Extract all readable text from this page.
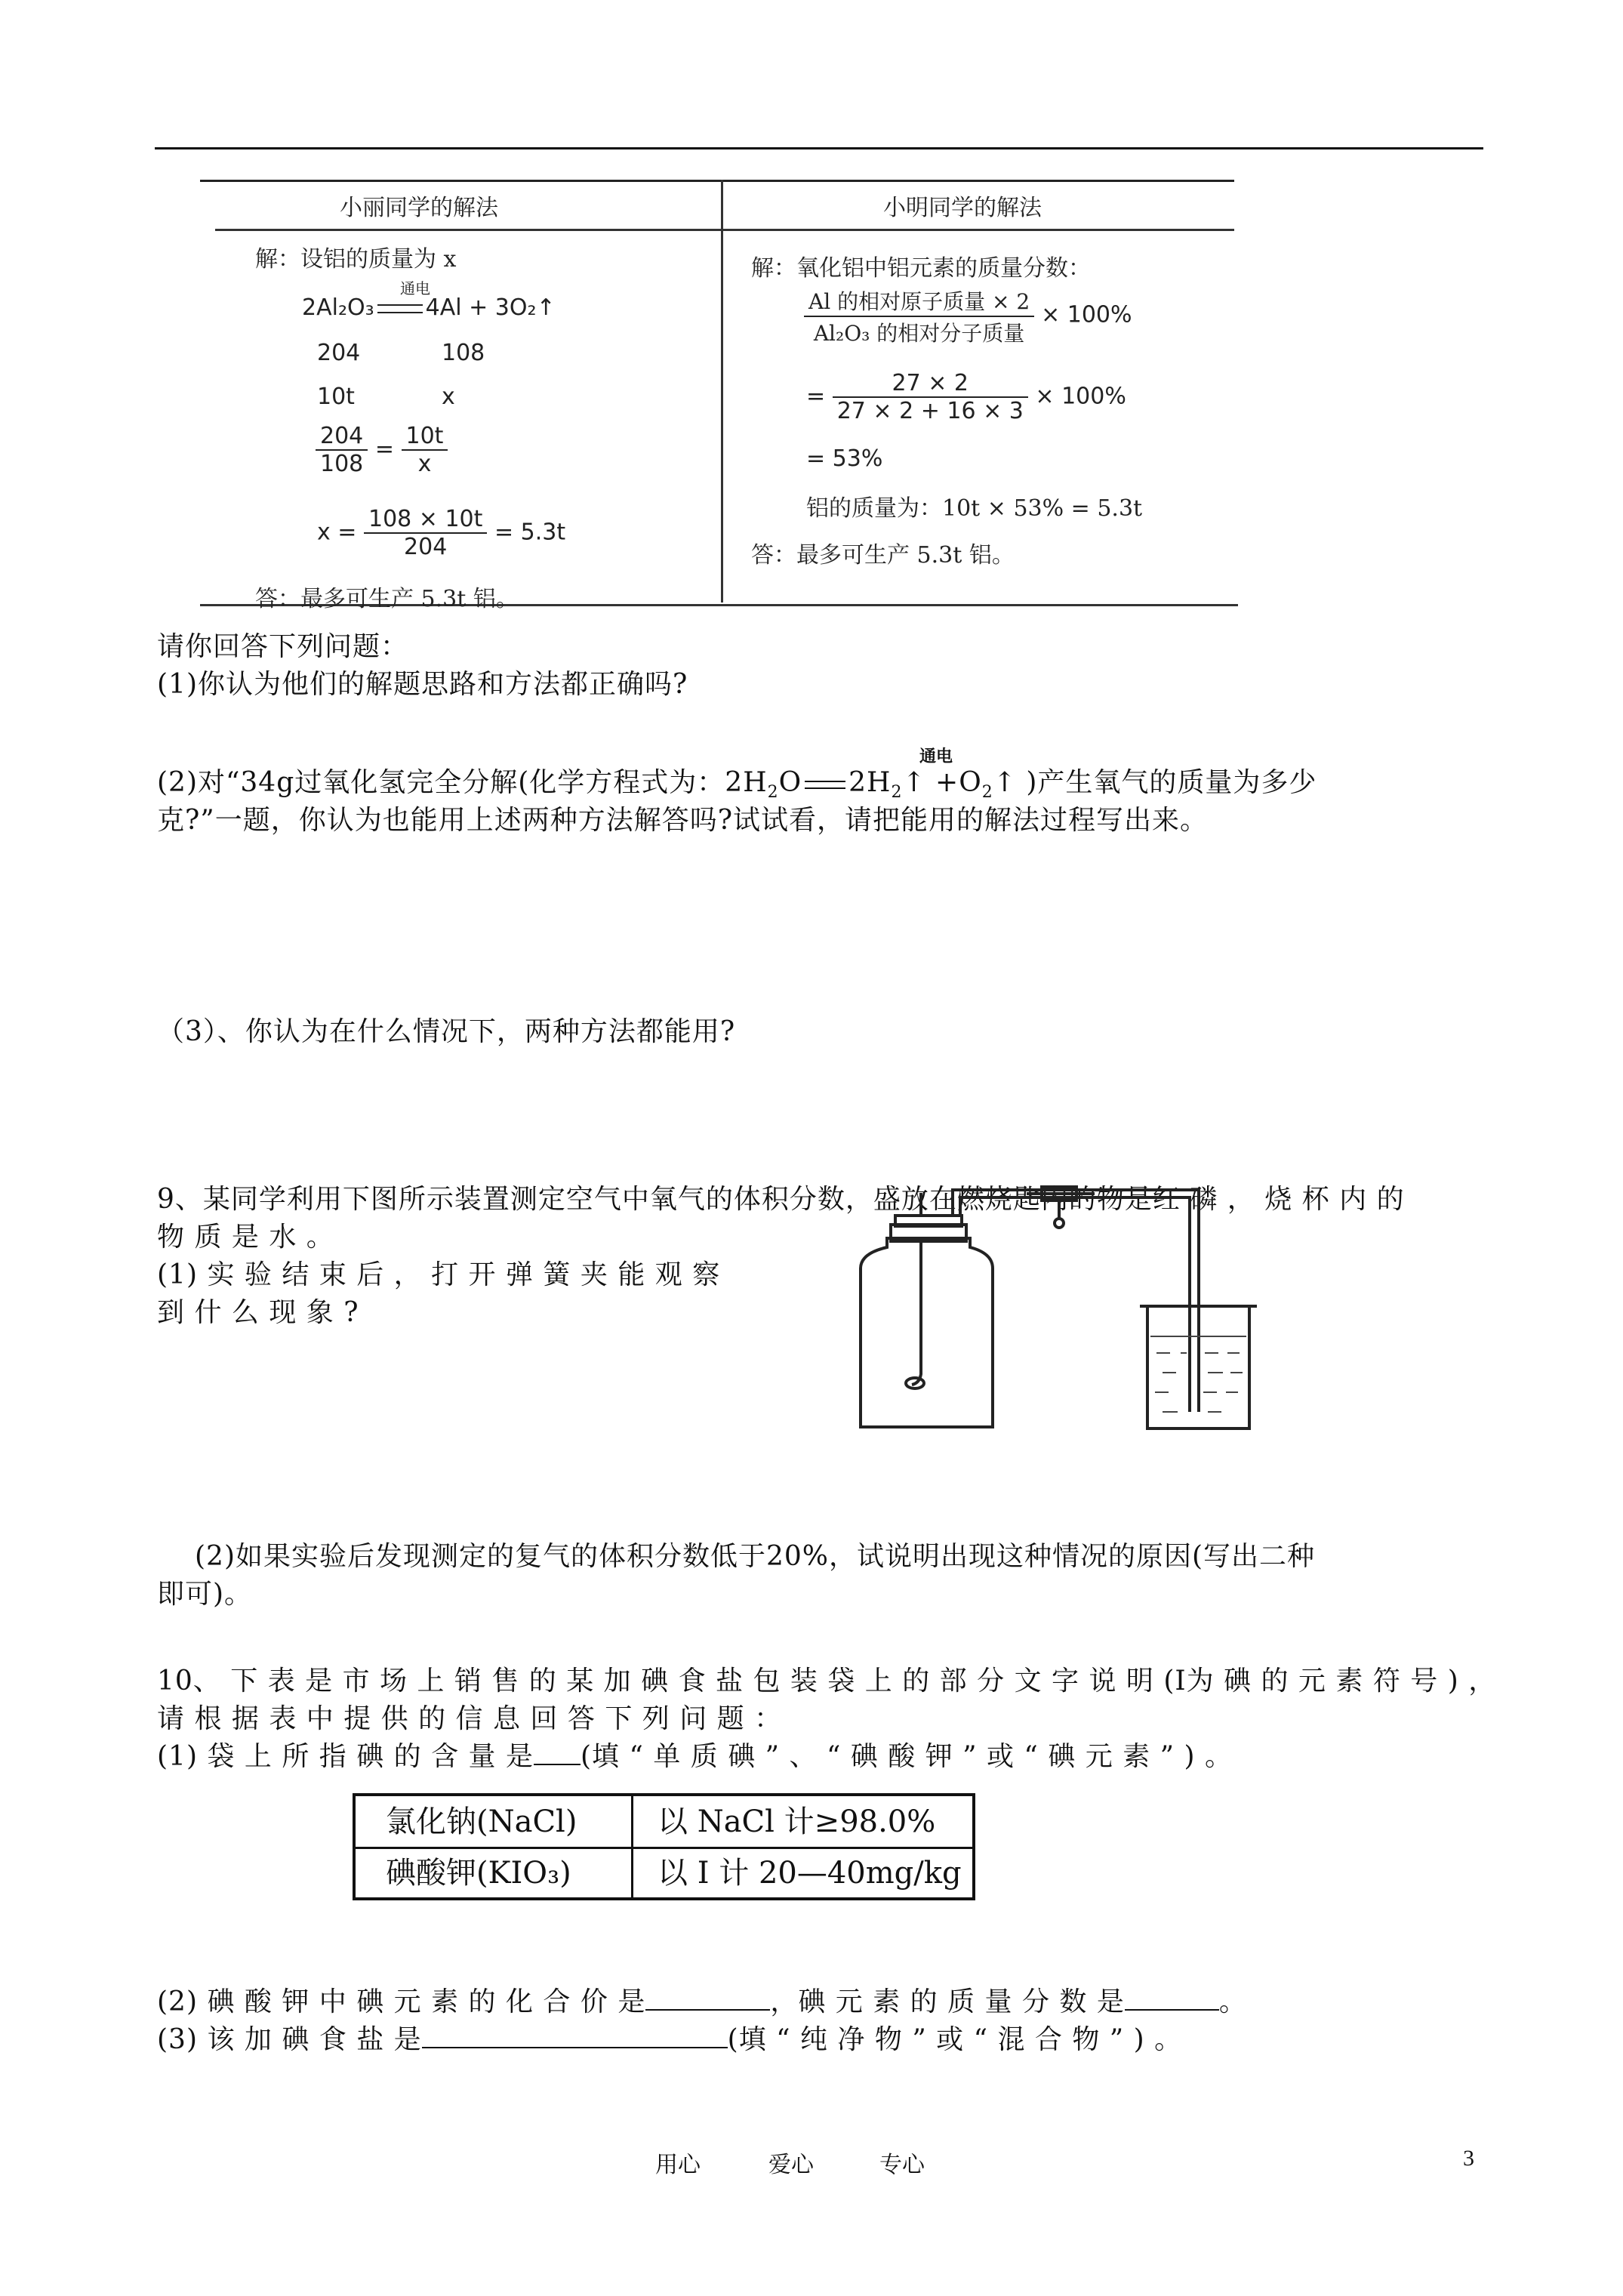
小丽同学的解法	小明同学的解法
解：设铝的质量为 x
通电
2Al₂O₃ 4Al + 3O₂↑
204	108
10t	x
$\frac{204}{108} = \frac{10t}{x}$
$x = \frac{108 \times 10t}{204} = 5.3t$
答：最多可生产 5.3t 铝。
解：氧化铝中铝元素的质量分数：
$\frac{\text{Al 的相对原子质量 × 2}}{\text{Al₂O₃ 的相对分子质量}} \times 100\%$
= $\frac{27 \times 2}{27 \times 2 + 16 \times 3} \times 100\%$
= 53%
铝的质量为：10t × 53% = 5.3t
答：最多可生产 5.3t 铝。
请你回答下列问题：
(1)你认为他们的解题思路和方法都正确吗?
通电
(2)对“34g过氧化氢完全分解(化学方程式为：$2H_2O$ $2H_2↑$ $+O_2↑$ )产生氧气的质量为多少
克?”一题，你认为也能用上述两种方法解答吗?试试看，请把能用的解法过程写出来。
（3）、你认为在什么情况下，两种方法都能用?
9、某同学利用下图所示装置测定空气中氧气的体积分数，盛放在燃烧匙内的物是红 磷 ， 烧 杯 内 的
物 质 是 水 。
(1) 实 验 结 束 后 ， 打 开 弹 簧 夹 能 观 察
到 什 么 现 象 ?
(2)如果实验后发现测定的复气的体积分数低于20%，试说明出现这种情况的原因(写出二种
即可)。
10、 下 表 是 市 场 上 销 售 的 某 加 碘 食 盐 包 装 袋 上 的 部 分 文 字 说 明 (I为 碘 的 元 素 符 号 ) ，
请 根 据 表 中 提 供 的 信 息 回 答 下 列 问 题 ：
(1) 袋 上 所 指 碘 的 含 量 是 (填 “ 单 质 碘 ” 、 “ 碘 酸 钾 ” 或 “ 碘 元 素 ” ) 。
氯化钠(NaCl)	以 NaCl 计≥98.0%
碘酸钾(KIO₃)	以 I 计 20—40mg/kg
(2) 碘 酸 钾 中 碘 元 素 的 化 合 价 是	，碘 元 素 的 质 量 分 数 是	。
(3) 该 加 碘 食 盐 是	(填 “ 纯 净 物 ” 或 “ 混 合 物 ” ) 。
用心	爱心	专心	3
